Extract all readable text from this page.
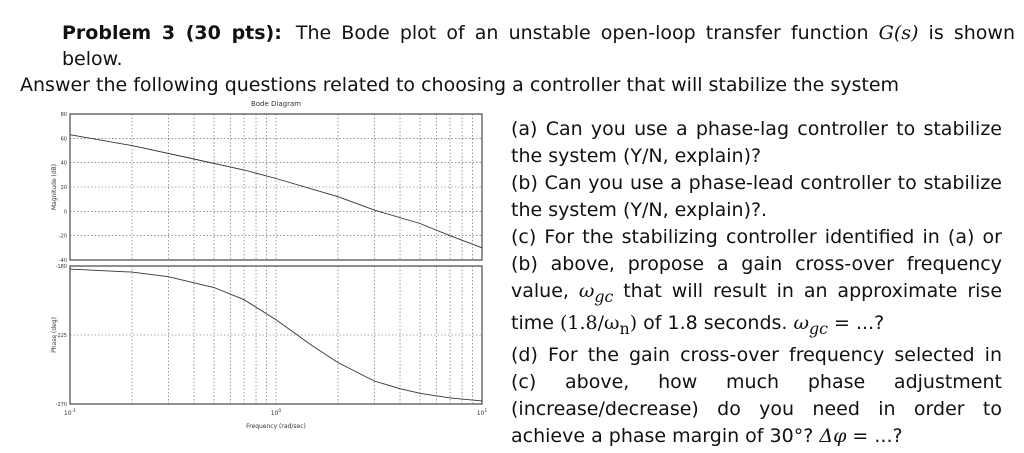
Problem 3 (30 pts): The Bode plot of an unstable open-loop transfer function G(s) is shown below.
Answer the following questions related to choosing a controller that will stabilize the system
Bode Diagram
80
60
40
20
0
-20
-40
Magnitude (dB)
-180
-225
-270
Phase (deg)
$10^{-1}$	$10^0$	$10^1$
Frequency (rad/sec)

(a) Can you use a phase-lag controller to stabilize the system (Y/N, explain)?

(b) Can you use a phase-lead controller to stabilize the system (Y/N, explain)?.

(c) For the stabilizing controller identified in (a) or (b) above, propose a gain cross-over frequency value, $\omega_{gc}$ that will result in an approximate rise time $(1.8/\omega_n)$ of 1.8 seconds. $\omega_{gc}$ = ...?

(d) For the gain cross-over frequency selected in (c) above, how much phase adjustment (increase/decrease) do you need in order to achieve a phase margin of 30°? Δφ = ...?
